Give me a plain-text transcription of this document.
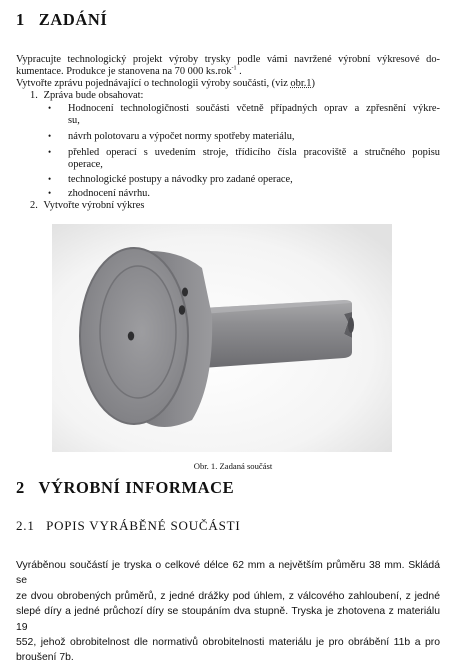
1 ZADÁNÍ
Vypracujte technologický projekt výroby trysky podle vámi navržené výrobní výkresové do-
kumentace. Produkce je stanovena na 70 000 ks.rok$^{-1}$ .
Vytvořte zprávu pojednávající o technologii výroby součásti, (viz obr.1)
1. Zpráva bude obsahovat:
•	Hodnocení technologičnosti součásti včetně případných oprav a zpřesnění výkre-
su,
•	návrh polotovaru a výpočet normy spotřeby materiálu,
•	přehled operací s uvedením stroje, třídicího čísla pracoviště a stručného popisu
operace,
•	technologické postupy a návodky pro zadané operace,
•	zhodnocení návrhu.
2. Vytvořte výrobní výkres
Obr. 1. Zadaná součást
2 VÝROBNÍ INFORMACE
2.1 POPIS VYRÁBĚNÉ SOUČÁSTI
Vyráběnou součástí je tryska o celkové délce 62 mm a největším průměru 38 mm. Skládá se
ze dvou obrobených průměrů, z jedné drážky pod úhlem, z válcového zahloubení, z jedné
slepé díry a jedné průchozí díry se stoupáním dva stupně. Tryska je zhotovena z materiálu 19
552, jehož obrobitelnost dle normativů obrobitelnosti materiálu je pro obrábění 11b a pro
broušení 7b.
